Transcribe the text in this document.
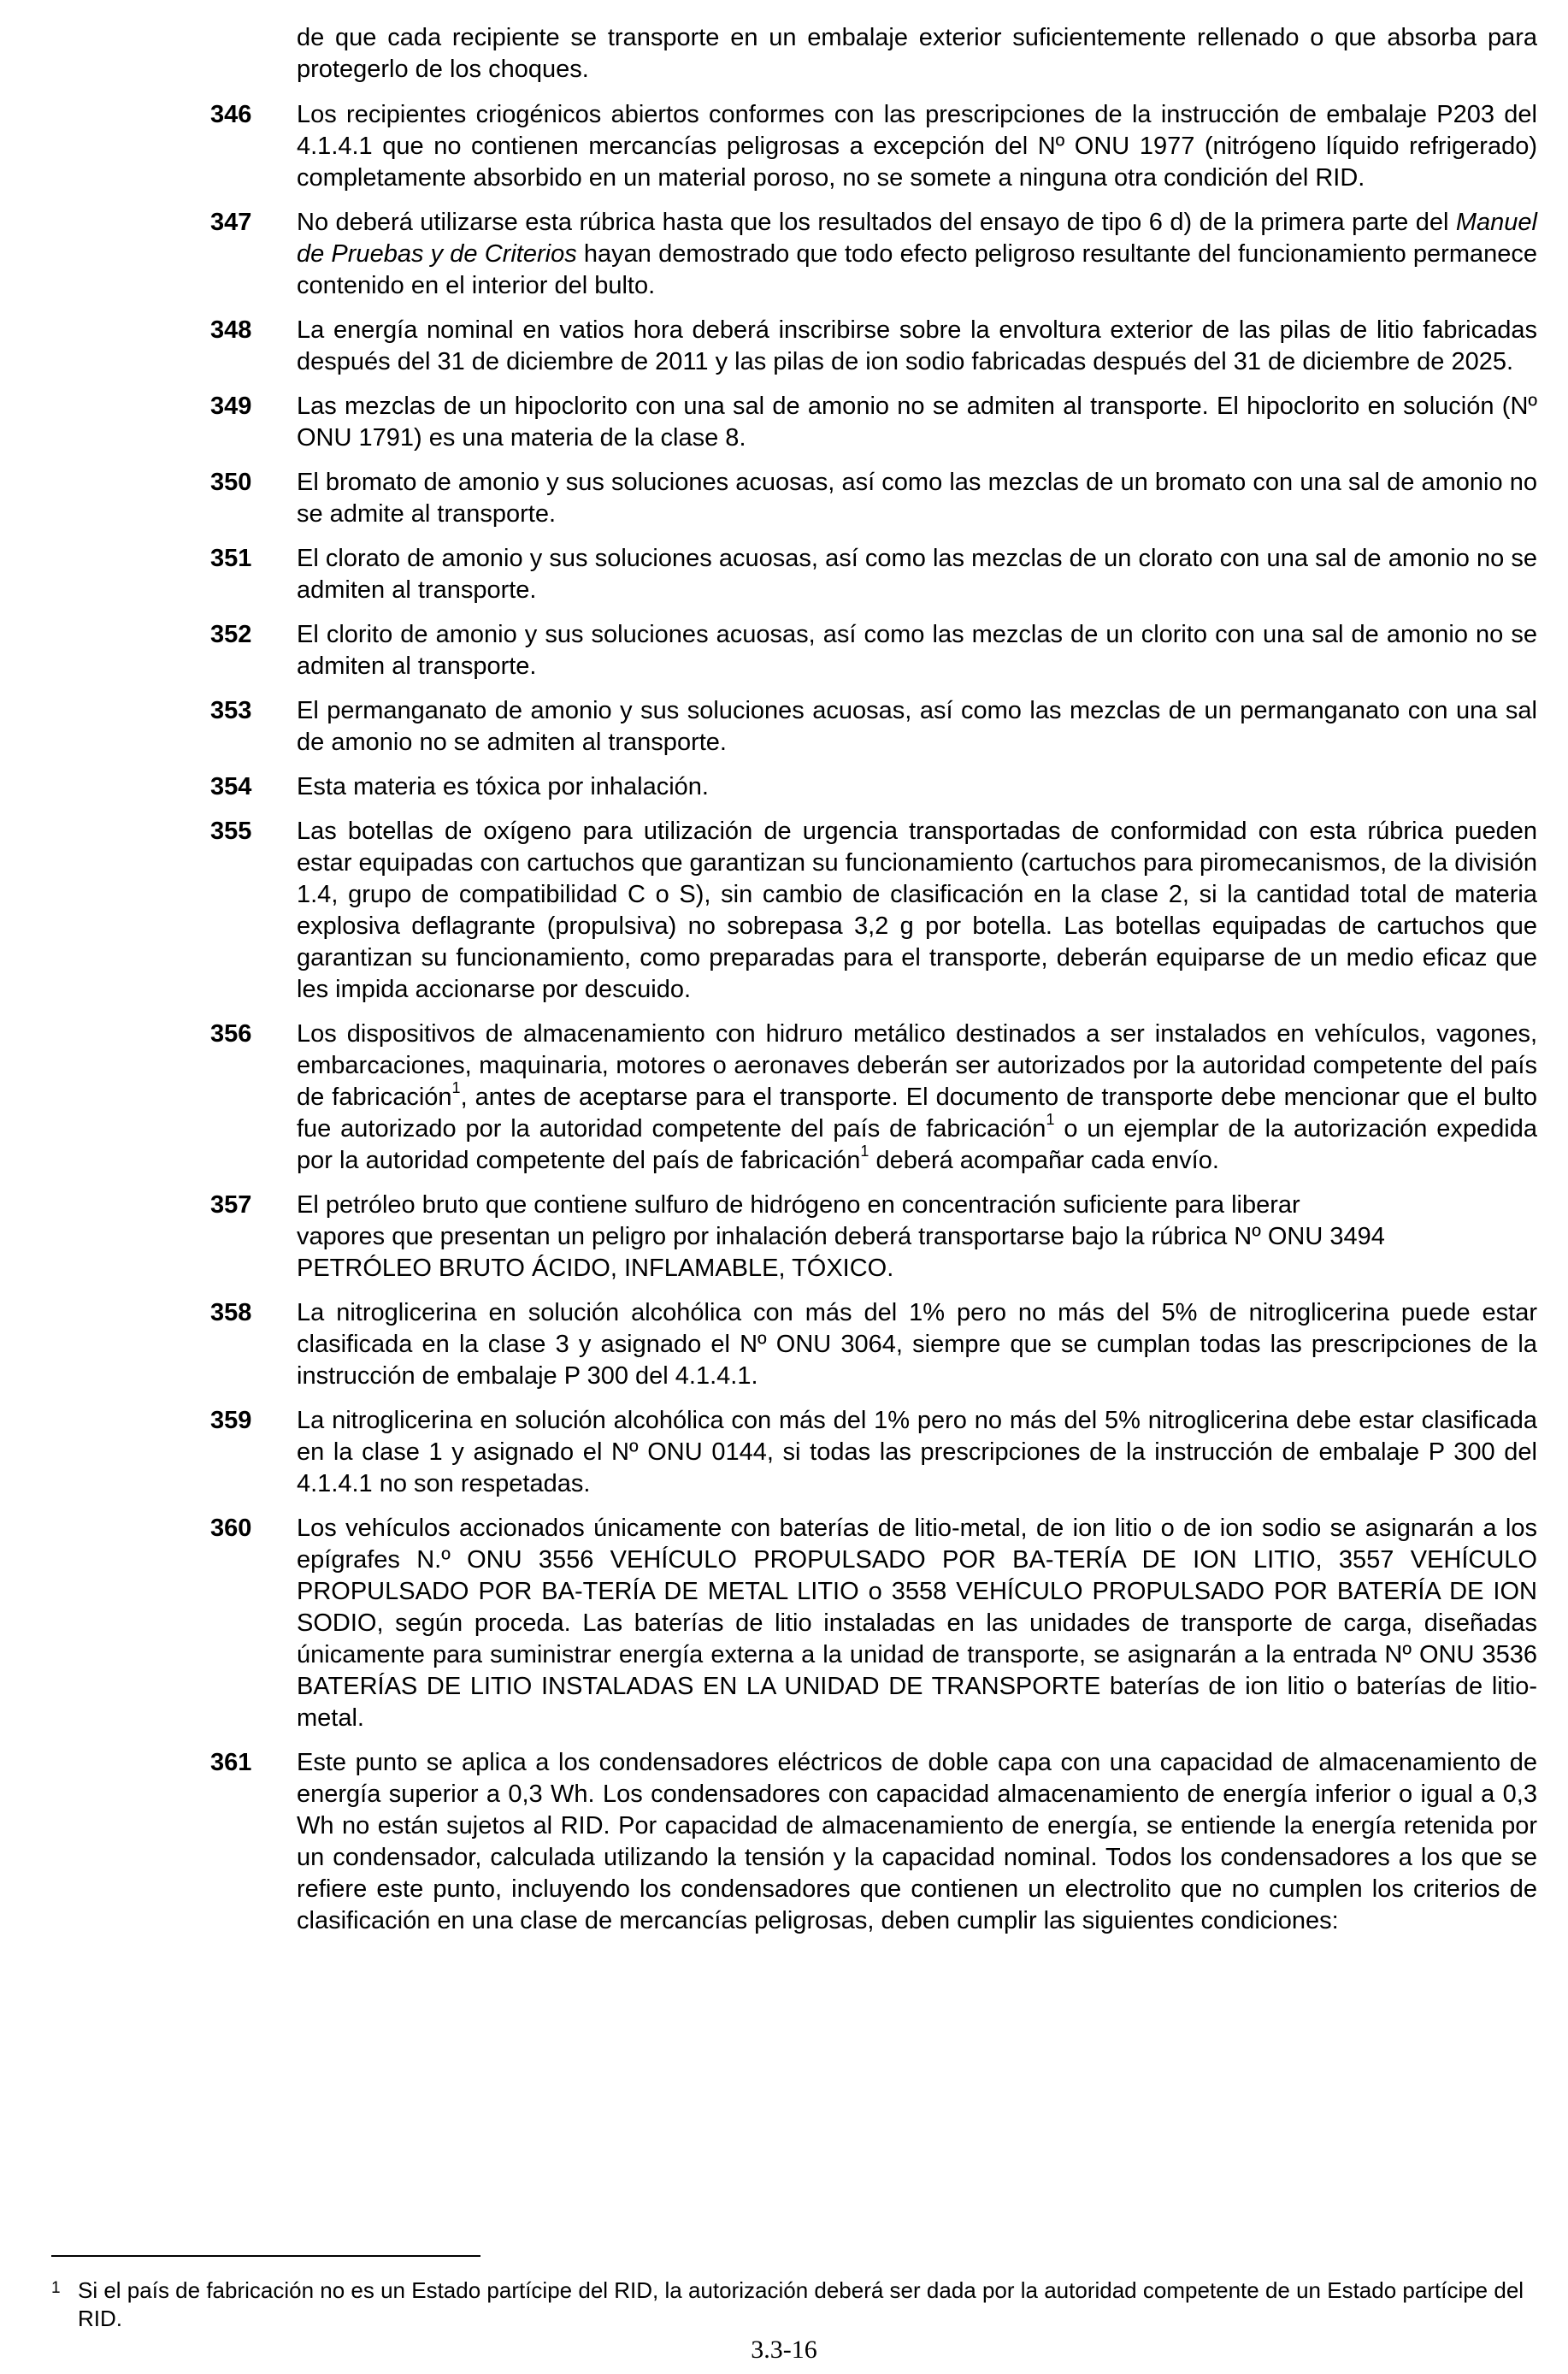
de que cada recipiente se transporte en un embalaje exterior suficientemente rellenado o que absorba para protegerlo de los choques.
346	Los recipientes criogénicos abiertos conformes con las prescripciones de la instrucción de embalaje P203 del 4.1.4.1 que no contienen mercancías peligrosas a excepción del Nº ONU 1977 (nitrógeno líquido refrigerado) completamente absorbido en un material poroso, no se somete a ninguna otra condición del RID.
347	No deberá utilizarse esta rúbrica hasta que los resultados del ensayo de tipo 6 d) de la primera parte del Manuel de Pruebas y de Criterios hayan demostrado que todo efecto peligroso resultante del funcionamiento permanece contenido en el interior del bulto.
348	La energía nominal en vatios hora deberá inscribirse sobre la envoltura exterior de las pilas de litio fabricadas después del 31 de diciembre de 2011 y las pilas de ion sodio fabricadas después del 31 de diciembre de 2025.
349	Las mezclas de un hipoclorito con una sal de amonio no se admiten al transporte. El hipoclorito en solución (Nº ONU 1791) es una materia de la clase 8.
350	El bromato de amonio y sus soluciones acuosas, así como las mezclas de un bromato con una sal de amonio no se admite al transporte.
351	El clorato de amonio y sus soluciones acuosas, así como las mezclas de un clorato con una sal de amonio no se admiten al transporte.
352	El clorito de amonio y sus soluciones acuosas, así como las mezclas de un clorito con una sal de amonio no se admiten al transporte.
353	El permanganato de amonio y sus soluciones acuosas, así como las mezclas de un permanganato con una sal de amonio no se admiten al transporte.
354	Esta materia es tóxica por inhalación.
355	Las botellas de oxígeno para utilización de urgencia transportadas de conformidad con esta rúbrica pueden estar equipadas con cartuchos que garantizan su funcionamiento (cartuchos para piromecanismos, de la división 1.4, grupo de compatibilidad C o S), sin cambio de clasificación en la clase 2, si la cantidad total de materia explosiva deflagrante (propulsiva) no sobrepasa 3,2 g por botella. Las botellas equipadas de cartuchos que garantizan su funcionamiento, como preparadas para el transporte, deberán equiparse de un medio eficaz que les impida accionarse por descuido.
356	Los dispositivos de almacenamiento con hidruro metálico destinados a ser instalados en vehículos, vagones, embarcaciones, maquinaria, motores o aeronaves deberán ser autorizados por la autoridad competente del país de fabricación$^1$, antes de aceptarse para el transporte. El documento de transporte debe mencionar que el bulto fue autorizado por la autoridad competente del país de fabricación$^1$ o un ejemplar de la autorización expedida por la autoridad competente del país de fabricación$^1$ deberá acompañar cada envío.
357	El petróleo bruto que contiene sulfuro de hidrógeno en concentración suficiente para liberar
vapores que presentan un peligro por inhalación deberá transportarse bajo la rúbrica Nº ONU 3494
PETRÓLEO BRUTO ÁCIDO, INFLAMABLE, TÓXICO.
358	La nitroglicerina en solución alcohólica con más del 1% pero no más del 5% de nitroglicerina puede estar clasificada en la clase 3 y asignado el Nº ONU 3064, siempre que se cumplan todas las prescripciones de la instrucción de embalaje P 300 del 4.1.4.1.
359	La nitroglicerina en solución alcohólica con más del 1% pero no más del 5% nitroglicerina debe estar clasificada en la clase 1 y asignado el Nº ONU 0144, si todas las prescripciones de la instrucción de embalaje P 300 del 4.1.4.1 no son respetadas.
360	Los vehículos accionados únicamente con baterías de litio-metal, de ion litio o de ion sodio se asignarán a los epígrafes N.º ONU 3556 VEHÍCULO PROPULSADO POR BA-TERÍA DE ION LITIO, 3557 VEHÍCULO PROPULSADO POR BA-TERÍA DE METAL LITIO o 3558 VEHÍCULO PROPULSADO POR BATERÍA DE ION SODIO, según proceda. Las baterías de litio instaladas en las unidades de transporte de carga, diseñadas únicamente para suministrar energía externa a la unidad de transporte, se asignarán a la entrada Nº ONU 3536 BATERÍAS DE LITIO INSTALADAS EN LA UNIDAD DE TRANSPORTE baterías de ion litio o baterías de litio-metal.
361	Este punto se aplica a los condensadores eléctricos de doble capa con una capacidad de almacenamiento de energía superior a 0,3 Wh. Los condensadores con capacidad almacenamiento de energía inferior o igual a 0,3 Wh no están sujetos al RID. Por capacidad de almacenamiento de energía, se entiende la energía retenida por un condensador, calculada utilizando la tensión y la capacidad nominal. Todos los condensadores a los que se refiere este punto, incluyendo los condensadores que contienen un electrolito que no cumplen los criterios de clasificación en una clase de mercancías peligrosas, deben cumplir las siguientes condiciones:
1 Si el país de fabricación no es un Estado partícipe del RID, la autorización deberá ser dada por la autoridad competente de un Estado partícipe del RID.
3.3-16
